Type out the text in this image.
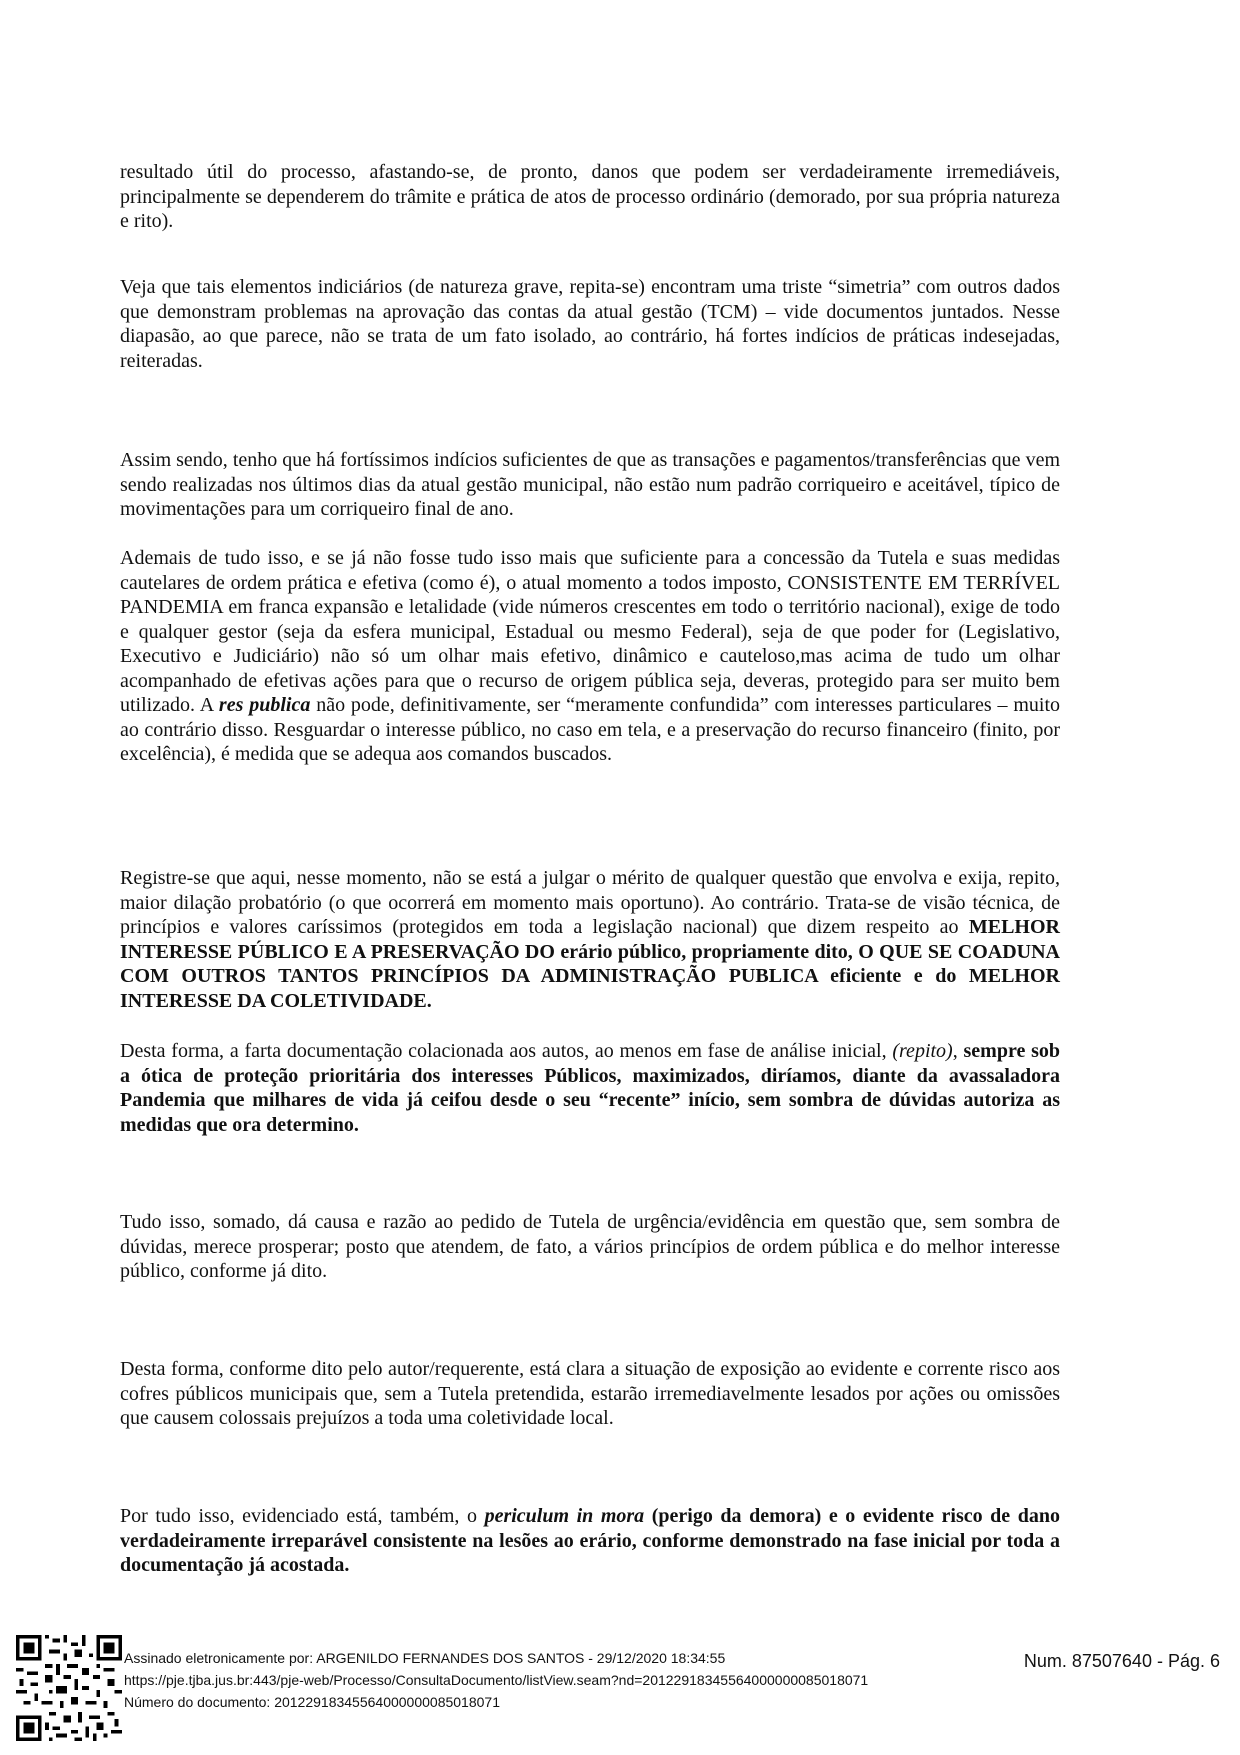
resultado útil do processo, afastando-se, de pronto, danos que podem ser verdadeiramente irremediáveis, principalmente se dependerem do trâmite e prática de atos de processo ordinário (demorado, por sua própria natureza e rito).

Veja que tais elementos indiciários (de natureza grave, repita-se) encontram uma triste “simetria” com outros dados que demonstram problemas na aprovação das contas da atual gestão (TCM) – vide documentos juntados. Nesse diapasão, ao que parece, não se trata de um fato isolado, ao contrário, há fortes indícios de práticas indesejadas, reiteradas.

Assim sendo, tenho que há fortíssimos indícios suficientes de que as transações e pagamentos/transferências que vem sendo realizadas nos últimos dias da atual gestão municipal, não estão num padrão corriqueiro e aceitável, típico de movimentações para um corriqueiro final de ano.

Ademais de tudo isso, e se já não fosse tudo isso mais que suficiente para a concessão da Tutela e suas medidas cautelares de ordem prática e efetiva (como é), o atual momento a todos imposto, CONSISTENTE EM TERRÍVEL PANDEMIA em franca expansão e letalidade (vide números crescentes em todo o território nacional), exige de todo e qualquer gestor (seja da esfera municipal, Estadual ou mesmo Federal), seja de que poder for (Legislativo, Executivo e Judiciário) não só um olhar mais efetivo, dinâmico e cauteloso,mas acima de tudo um olhar acompanhado de efetivas ações para que o recurso de origem pública seja, deveras, protegido para ser muito bem utilizado. A res publica não pode, definitivamente, ser “meramente confundida” com interesses particulares – muito ao contrário disso. Resguardar o interesse público, no caso em tela, e a preservação do recurso financeiro (finito, por excelência), é medida que se adequa aos comandos buscados.

Registre-se que aqui, nesse momento, não se está a julgar o mérito de qualquer questão que envolva e exija, repito, maior dilação probatório (o que ocorrerá em momento mais oportuno). Ao contrário. Trata-se de visão técnica, de princípios e valores caríssimos (protegidos em toda a legislação nacional) que dizem respeito ao MELHOR INTERESSE PÚBLICO E A PRESERVAÇÃO DO erário público, propriamente dito, O QUE SE COADUNA COM OUTROS TANTOS PRINCÍPIOS DA ADMINISTRAÇÃO PUBLICA eficiente e do MELHOR INTERESSE DA COLETIVIDADE.

Desta forma, a farta documentação colacionada aos autos, ao menos em fase de análise inicial, (repito), sempre sob a ótica de proteção prioritária dos interesses Públicos, maximizados, diríamos, diante da avassaladora Pandemia que milhares de vida já ceifou desde o seu “recente” início, sem sombra de dúvidas autoriza as medidas que ora determino.

Tudo isso, somado, dá causa e razão ao pedido de Tutela de urgência/evidência em questão que, sem sombra de dúvidas, merece prosperar; posto que atendem, de fato, a vários princípios de ordem pública e do melhor interesse público, conforme já dito.

Desta forma, conforme dito pelo autor/requerente, está clara a situação de exposição ao evidente e corrente risco aos cofres públicos municipais que, sem a Tutela pretendida, estarão irremediavelmente lesados por ações ou omissões que causem colossais prejuízos a toda uma coletividade local.

Por tudo isso, evidenciado está, também, o periculum in mora (perigo da demora) e o evidente risco de dano verdadeiramente irreparável consistente na lesões ao erário, conforme demonstrado na fase inicial por toda a documentação já acostada.

Assinado eletronicamente por: ARGENILDO FERNANDES DOS SANTOS - 29/12/2020 18:34:55
https://pje.tjba.jus.br:443/pje-web/Processo/ConsultaDocumento/listView.seam?nd=20122918345564000000085018071
Número do documento: 20122918345564000000085018071
Num. 87507640 - Pág. 6
